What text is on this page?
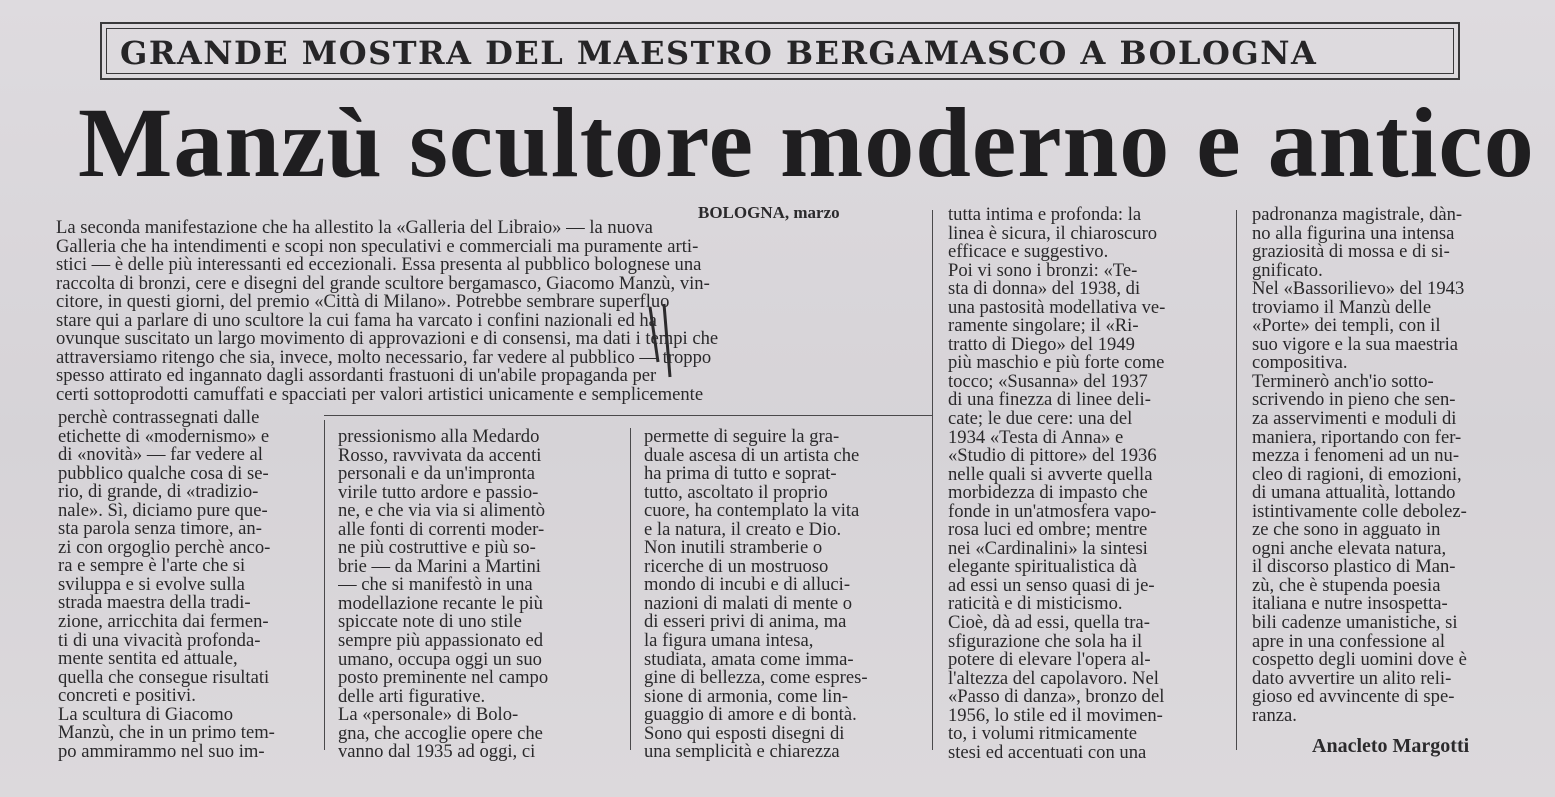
GRANDE MOSTRA DEL MAESTRO BERGAMASCO A BOLOGNA
Manzù scultore moderno e antico
BOLOGNA, marzo
La seconda manifestazione che ha allestito la «Galleria del Libraio» — la nuova
Galleria che ha intendimenti e scopi non speculativi e commerciali ma puramente arti-
stici — è delle più interessanti ed eccezionali. Essa presenta al pubblico bolognese una
raccolta di bronzi, cere e disegni del grande scultore bergamasco, Giacomo Manzù, vin-
citore, in questi giorni, del premio «Città di Milano». Potrebbe sembrare superfluo
stare qui a parlare di uno scultore la cui fama ha varcato i confini nazionali ed ha
ovunque suscitato un largo movimento di approvazioni e di consensi, ma dati i tempi che
attraversiamo ritengo che sia, invece, molto necessario, far vedere al pubblico — troppo
spesso attirato ed ingannato dagli assordanti frastuoni di un'abile propaganda per
certi sottoprodotti camuffati e spacciati per valori artistici unicamente e semplicemente
perchè contrassegnati dalle
etichette di «modernismo» e
di «novità» — far vedere al
pubblico qualche cosa di se-
rio, di grande, di «tradizio-
nale». Sì, diciamo pure que-
sta parola senza timore, an-
zi con orgoglio perchè anco-
ra e sempre è l'arte che si
sviluppa e si evolve sulla
strada maestra della tradi-
zione, arricchita dai fermen-
ti di una vivacità profonda-
mente sentita ed attuale,
quella che consegue risultati
concreti e positivi.
La scultura di Giacomo
Manzù, che in un primo tem-
po ammirammo nel suo im-
pressionismo alla Medardo
Rosso, ravvivata da accenti
personali e da un'impronta
virile tutto ardore e passio-
ne, e che via via si alimentò
alle fonti di correnti moder-
ne più costruttive e più so-
brie — da Marini a Martini
— che si manifestò in una
modellazione recante le più
spiccate note di uno stile
sempre più appassionato ed
umano, occupa oggi un suo
posto preminente nel campo
delle arti figurative.
La «personale» di Bolo-
gna, che accoglie opere che
vanno dal 1935 ad oggi, ci
permette di seguire la gra-
duale ascesa di un artista che
ha prima di tutto e soprat-
tutto, ascoltato il proprio
cuore, ha contemplato la vita
e la natura, il creato e Dio.
Non inutili stramberie o
ricerche di un mostruoso
mondo di incubi e di alluci-
nazioni di malati di mente o
di esseri privi di anima, ma
la figura umana intesa,
studiata, amata come imma-
gine di bellezza, come espres-
sione di armonia, come lin-
guaggio di amore e di bontà.
Sono qui esposti disegni di
una semplicità e chiarezza
tutta intima e profonda: la
linea è sicura, il chiaroscuro
efficace e suggestivo.
Poi vi sono i bronzi: «Te-
sta di donna» del 1938, di
una pastosità modellativa ve-
ramente singolare; il «Ri-
tratto di Diego» del 1949
più maschio e più forte come
tocco; «Susanna» del 1937
di una finezza di linee deli-
cate; le due cere: una del
1934 «Testa di Anna» e
«Studio di pittore» del 1936
nelle quali si avverte quella
morbidezza di impasto che
fonde in un'atmosfera vapo-
rosa luci ed ombre; mentre
nei «Cardinalini» la sintesi
elegante spiritualistica dà
ad essi un senso quasi di je-
raticità e di misticismo.
Cioè, dà ad essi, quella tra-
sfigurazione che sola ha il
potere di elevare l'opera al-
l'altezza del capolavoro. Nel
«Passo di danza», bronzo del
1956, lo stile ed il movimen-
to, i volumi ritmicamente
stesi ed accentuati con una
padronanza magistrale, dàn-
no alla figurina una intensa
graziosità di mossa e di si-
gnificato.
Nel «Bassorilievo» del 1943
troviamo il Manzù delle
«Porte» dei templi, con il
suo vigore e la sua maestria
compositiva.
Terminerò anch'io sotto-
scrivendo in pieno che sen-
za asservimenti e moduli di
maniera, riportando con fer-
mezza i fenomeni ad un nu-
cleo di ragioni, di emozioni,
di umana attualità, lottando
istintivamente colle debolez-
ze che sono in agguato in
ogni anche elevata natura,
il discorso plastico di Man-
zù, che è stupenda poesia
italiana e nutre insospetta-
bili cadenze umanistiche, si
apre in una confessione al
cospetto degli uomini dove è
dato avvertire un alito reli-
gioso ed avvincente di spe-
ranza.
Anacleto Margotti
